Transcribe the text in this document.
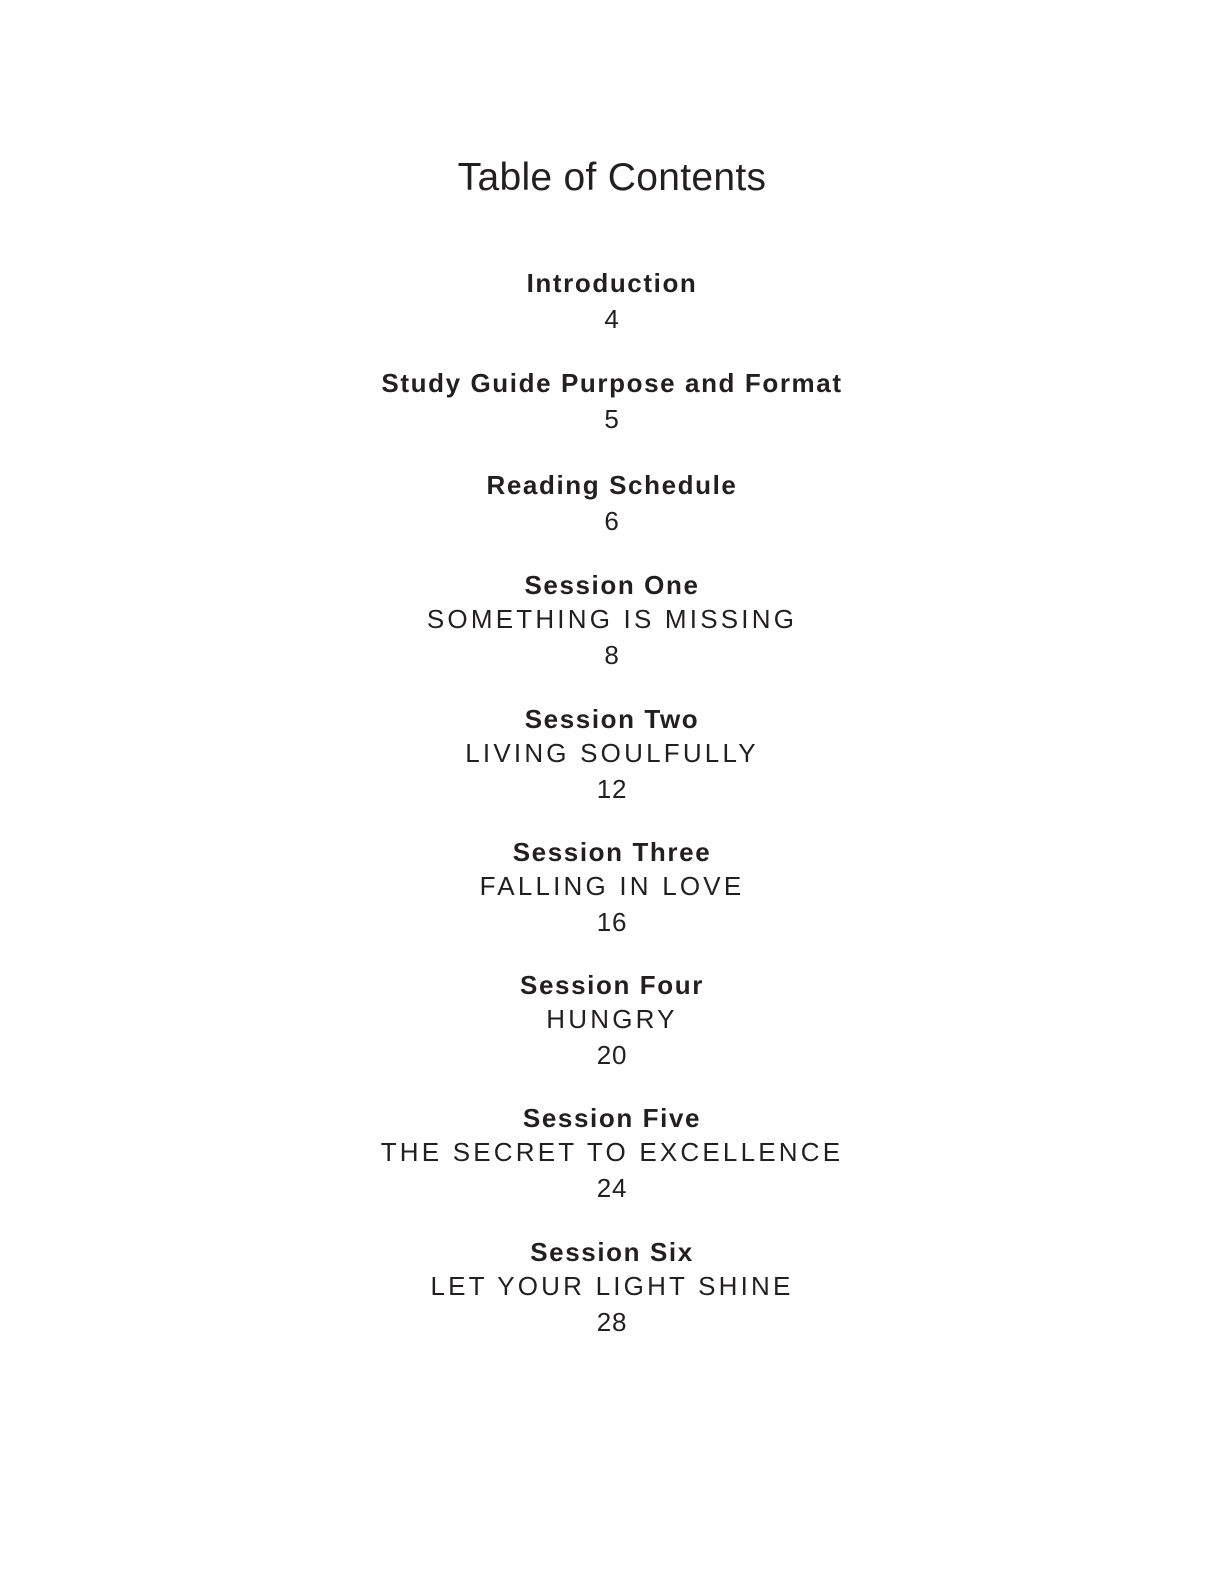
Table of Contents
Introduction
4
Study Guide Purpose and Format
5
Reading Schedule
6
Session One
SOMETHING IS MISSING
8
Session Two
LIVING SOULFULLY
12
Session Three
FALLING IN LOVE
16
Session Four
HUNGRY
20
Session Five
THE SECRET TO EXCELLENCE
24
Session Six
LET YOUR LIGHT SHINE
28
